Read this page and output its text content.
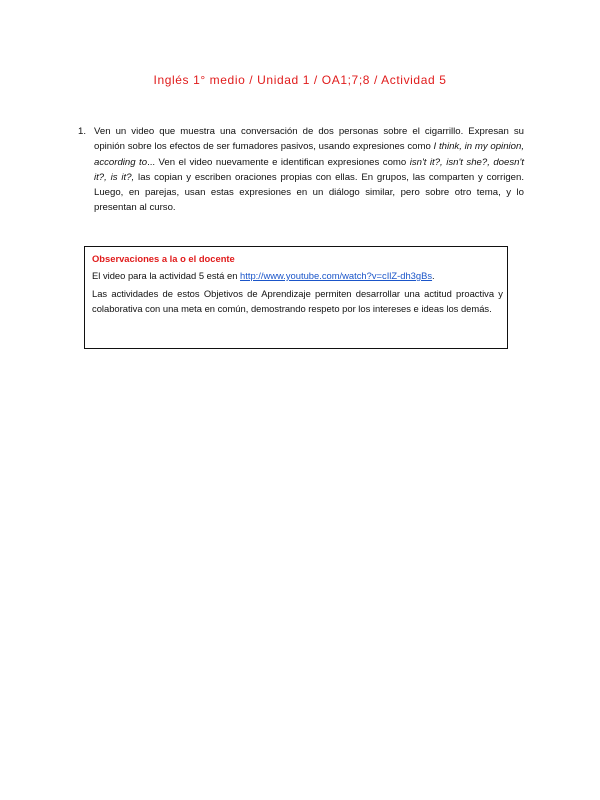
Inglés 1° medio / Unidad 1 / OA1;7;8 / Actividad 5
1. Ven un video que muestra una conversación de dos personas sobre el cigarrillo. Expresan su opinión sobre los efectos de ser fumadores pasivos, usando expresiones como I think, in my opinion, according to... Ven el video nuevamente e identifican expresiones como isn't it?, isn't she?, doesn't it?, is it?, las copian y escriben oraciones propias con ellas. En grupos, las comparten y corrigen. Luego, en parejas, usan estas expresiones en un diálogo similar, pero sobre otro tema, y lo presentan al curso.
Observaciones a la o el docente

El video para la actividad 5 está en http://www.youtube.com/watch?v=cIlZ-dh3gBs.

Las actividades de estos Objetivos de Aprendizaje permiten desarrollar una actitud proactiva y colaborativa con una meta en común, demostrando respeto por los intereses e ideas los demás.
